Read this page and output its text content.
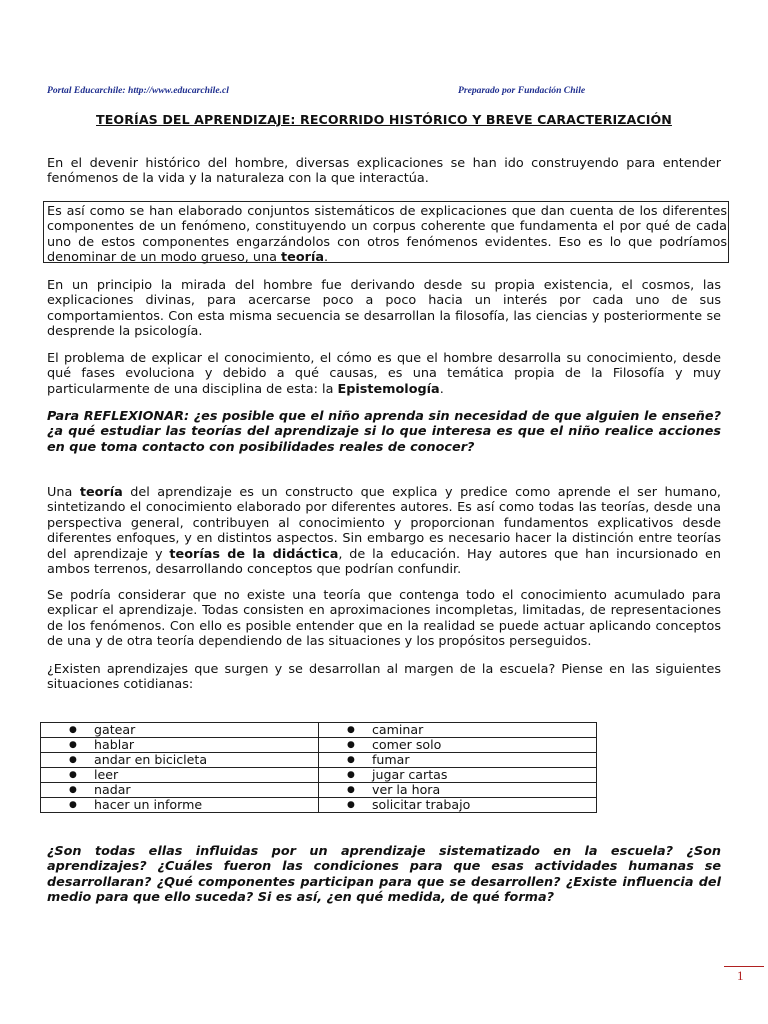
Portal Educarchile: http://www.educarchile.cl	Preparado por Fundación Chile
TEORÍAS DEL APRENDIZAJE: RECORRIDO HISTÓRICO Y BREVE CARACTERIZACIÓN

En el devenir histórico del hombre, diversas explicaciones se han ido construyendo para entender fenómenos de la vida y la naturaleza con la que interactúa.

Es así como se han elaborado conjuntos sistemáticos de explicaciones que dan cuenta de los diferentes componentes de un fenómeno, constituyendo un corpus coherente que fundamenta el por qué de cada uno de estos componentes engarzándolos con otros fenómenos evidentes. Eso es lo que podríamos denominar de un modo grueso, una teoría.

En un principio la mirada del hombre fue derivando desde su propia existencia, el cosmos, las explicaciones divinas, para acercarse poco a poco hacia un interés por cada uno de sus comportamientos. Con esta misma secuencia se desarrollan la filosofía, las ciencias y posteriormente se desprende la psicología.

El problema de explicar el conocimiento, el cómo es que el hombre desarrolla su conocimiento, desde qué fases evoluciona y debido a qué causas, es una temática propia de la Filosofía y muy particularmente de una disciplina de esta: la Epistemología.

Para REFLEXIONAR: ¿es posible que el niño aprenda sin necesidad de que alguien le enseñe? ¿a qué estudiar las teorías del aprendizaje si lo que interesa es que el niño realice acciones en que toma contacto con posibilidades reales de conocer?

Una teoría del aprendizaje es un constructo que explica y predice como aprende el ser humano, sintetizando el conocimiento elaborado por diferentes autores. Es así como todas las teorías, desde una perspectiva general, contribuyen al conocimiento y proporcionan fundamentos explicativos desde diferentes enfoques, y en distintos aspectos. Sin embargo es necesario hacer la distinción entre teorías del aprendizaje y teorías de la didáctica, de la educación. Hay autores que han incursionado en ambos terrenos, desarrollando conceptos que podrían confundir.

Se podría considerar que no existe una teoría que contenga todo el conocimiento acumulado para explicar el aprendizaje. Todas consisten en aproximaciones incompletas, limitadas, de representaciones de los fenómenos. Con ello es posible entender que en la realidad se puede actuar aplicando conceptos de una y de otra teoría dependiendo de las situaciones y los propósitos perseguidos.

¿Existen aprendizajes que surgen y se desarrollan al margen de la escuela? Piense en las siguientes situaciones cotidianas:

● gatear	● caminar

● hablar	● comer solo

● andar en bicicleta	● fumar

● leer	● jugar cartas

● nadar	● ver la hora

● hacer un informe	● solicitar trabajo

¿Son todas ellas influidas por un aprendizaje sistematizado en la escuela? ¿Son aprendizajes? ¿Cuáles fueron las condiciones para que esas actividades humanas se desarrollaran? ¿Qué componentes participan para que se desarrollen? ¿Existe influencia del medio para que ello suceda? Si es así, ¿en qué medida, de qué forma?

1
